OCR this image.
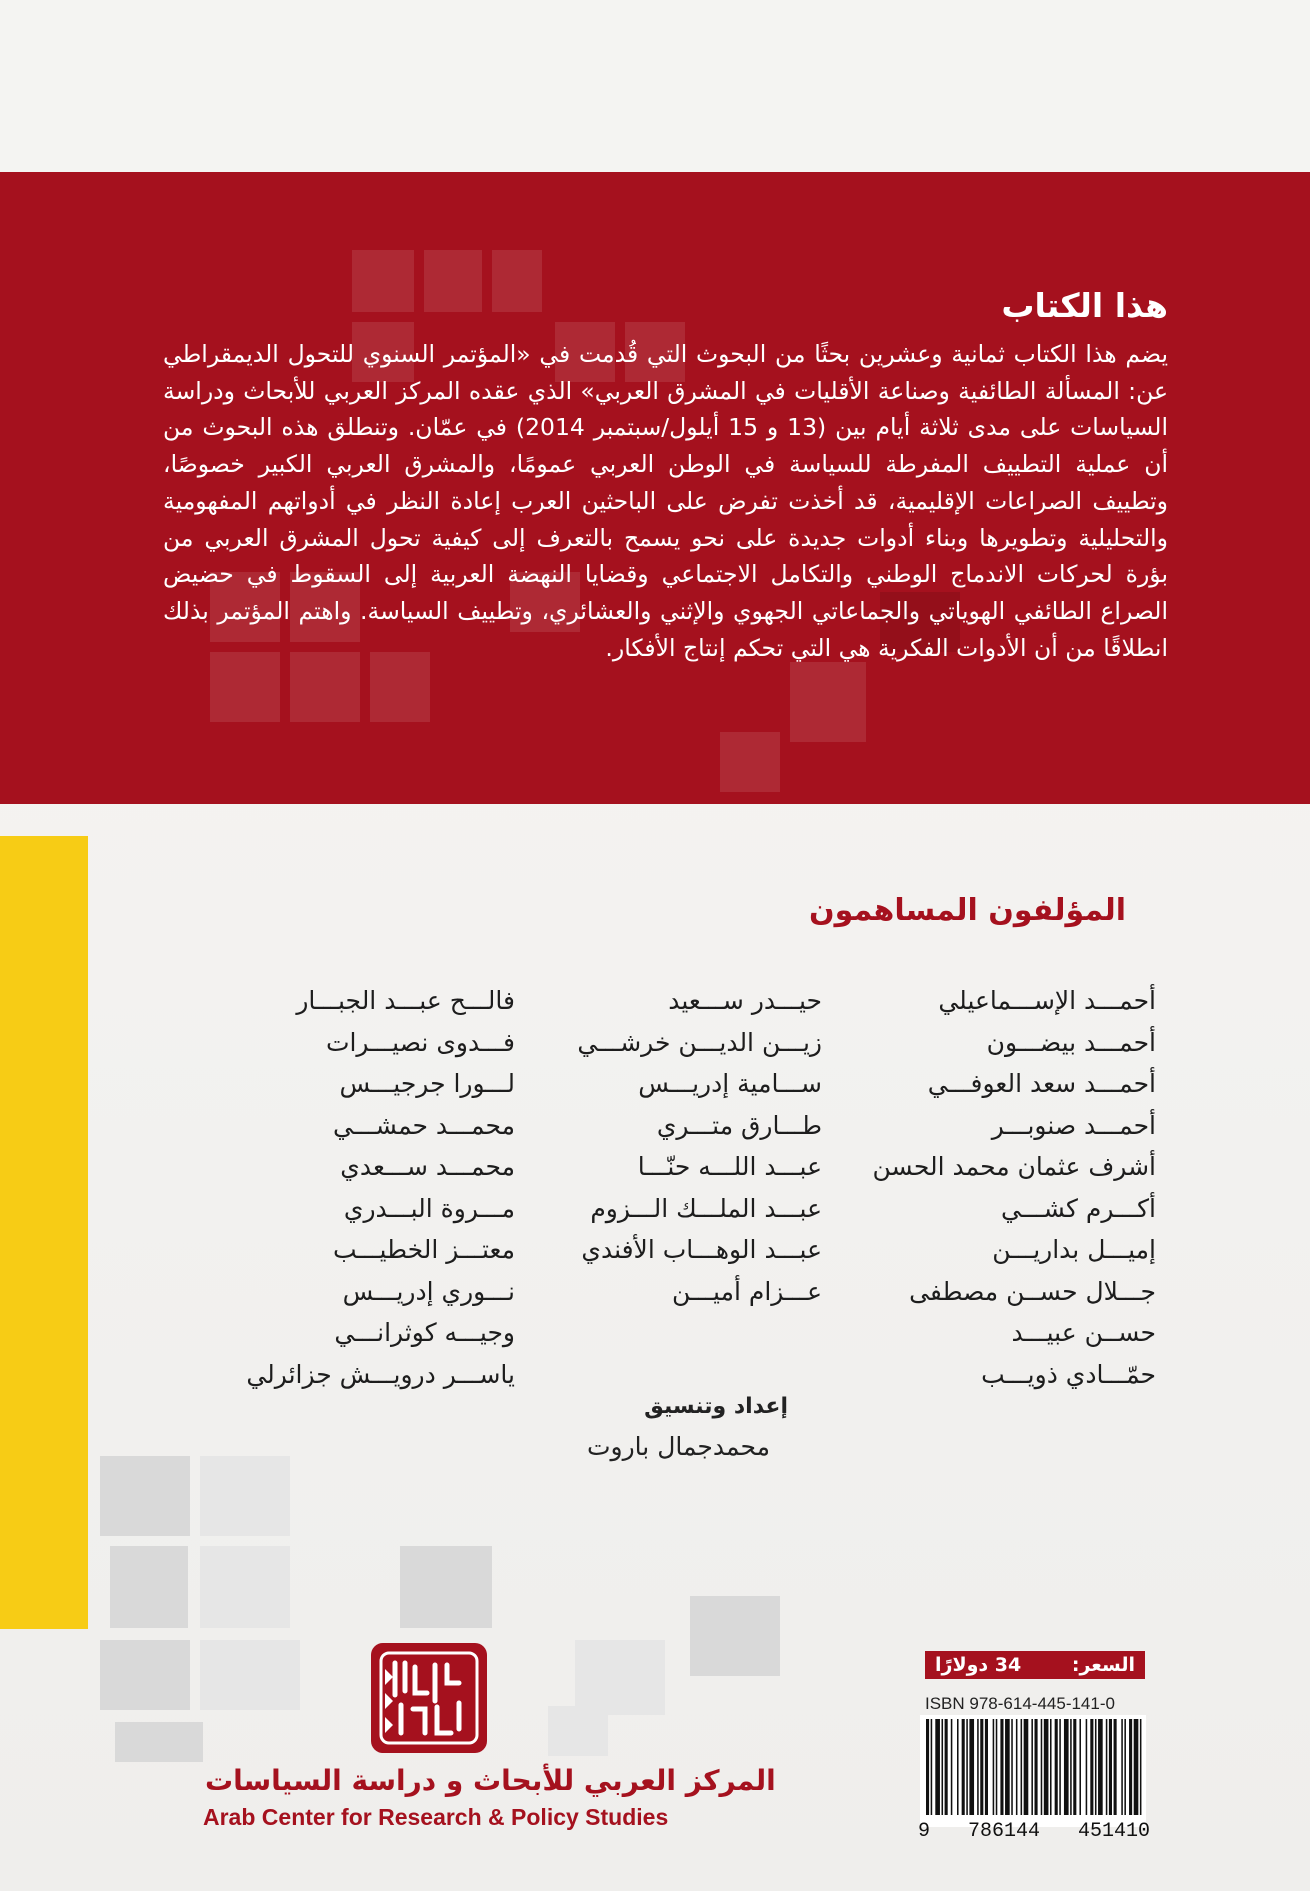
هذا الكتاب
يضم هذا الكتاب ثمانية وعشرين بحثًا من البحوث التي قُدمت في «المؤتمر السنوي للتحول الديمقراطي عن: المسألة الطائفية وصناعة الأقليات في المشرق العربي» الذي عقده المركز العربي للأبحاث ودراسة السياسات على مدى ثلاثة أيام بين (13 و 15 أيلول/سبتمبر 2014) في عمّان. وتنطلق هذه البحوث من أن عملية التطييف المفرطة للسياسة في الوطن العربي عمومًا، والمشرق العربي الكبير خصوصًا، وتطييف الصراعات الإقليمية، قد أخذت تفرض على الباحثين العرب إعادة النظر في أدواتهم المفهومية والتحليلية وتطويرها وبناء أدوات جديدة على نحو يسمح بالتعرف إلى كيفية تحول المشرق العربي من بؤرة لحركات الاندماج الوطني والتكامل الاجتماعي وقضايا النهضة العربية إلى السقوط في حضيض الصراع الطائفي الهوياتي والجماعاتي الجهوي والإثني والعشائري، وتطييف السياسة. واهتم المؤتمر بذلك انطلاقًا من أن الأدوات الفكرية هي التي تحكم إنتاج الأفكار.
المؤلفون المساهمون
أحمـــد الإســـماعيلي
أحمـــد بيضـــون
أحمـــد سعد العوفـــي
أحمـــد صنوبـــر
أشرف عثمان محمد الحسن
أكـــرم كشـــي
إميـــل بداريـــن
جـــلال حســن مصطفى
حســن عبيـــد
حمّـــادي ذويـــب
حيـــدر ســـعيد
زيـــن الديـــن خرشـــي
ســـامية إدريـــس
طـــارق متـــري
عبـــد اللـــه حنّـــا
عبـــد الملـــك الـــزوم
عبـــد الوهـــاب الأفندي
عـــزام أميـــن
فالـــح عبـــد الجبـــار
فـــدوى نصيـــرات
لـــورا جرجيـــس
محمـــد حمشـــي
محمـــد ســـعدي
مـــروة البـــدري
معتـــز الخطيـــب
نـــوري إدريـــس
وجيـــه كوثرانـــي
ياســـر درويـــش جزائرلي
إعداد وتنسيق
محمدجمال باروت
المركز العربي للأبحاث و دراسة السياسات
Arab Center for Research & Policy Studies
السعر:
34 دولارًا
ISBN 978-614-445-141-0
9 786144 451410
